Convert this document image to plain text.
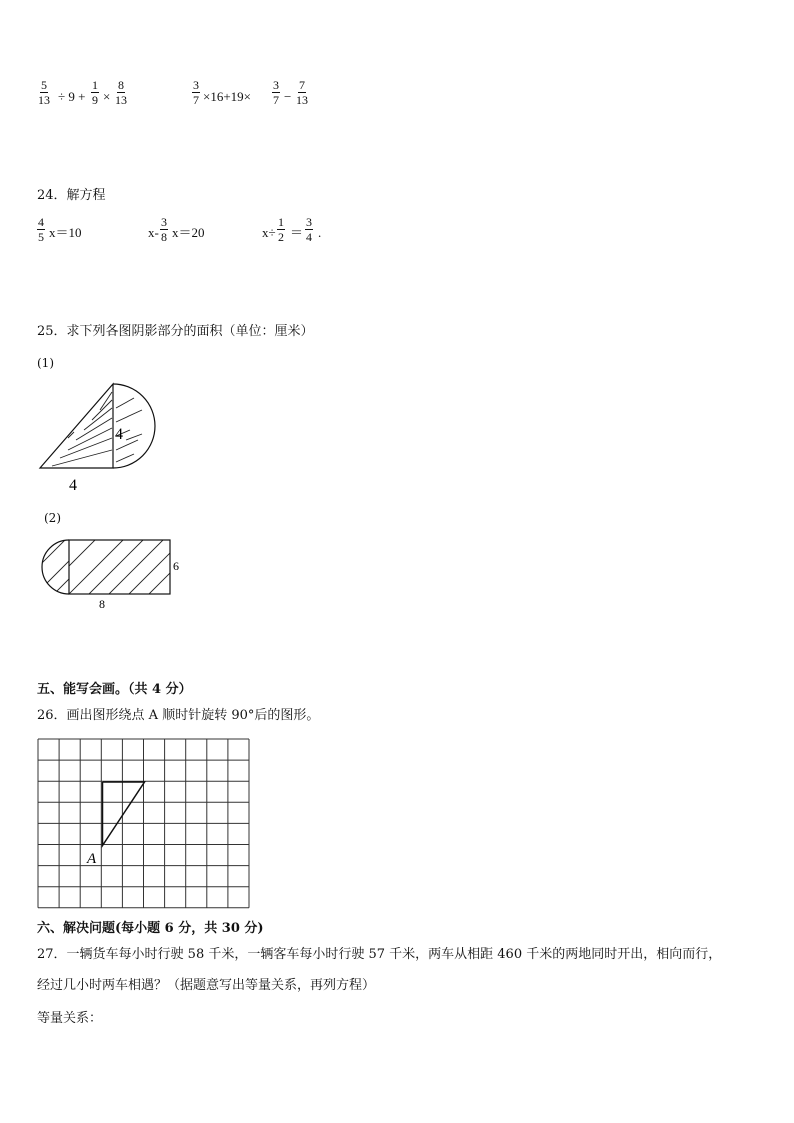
$\frac{5}{13} \div 9 + \frac{1}{9} \times \frac{8}{13}$	$\frac{3}{7} \times 16+19\times \frac{3}{7} - \frac{7}{13}$
24．解方程
$\frac{4}{5} x=10$	$x- \frac{3}{8} x=20$	$x\div \frac{1}{2} = \frac{3}{4}$ .
25．求下列各图阴影部分的面积（单位：厘米）
(1)
4
4
(2)
6
8
五、能写会画。（共 4 分）
26．画出图形绕点 A 顺时针旋转 90°后的图形。
A
六、解决问题(每小题 6 分，共 30 分)
27．一辆货车每小时行驶 58 千米，一辆客车每小时行驶 57 千米，两车从相距 460 千米的两地同时开出，相向而行，
经过几小时两车相遇？（据题意写出等量关系，再列方程）
等量关系：
